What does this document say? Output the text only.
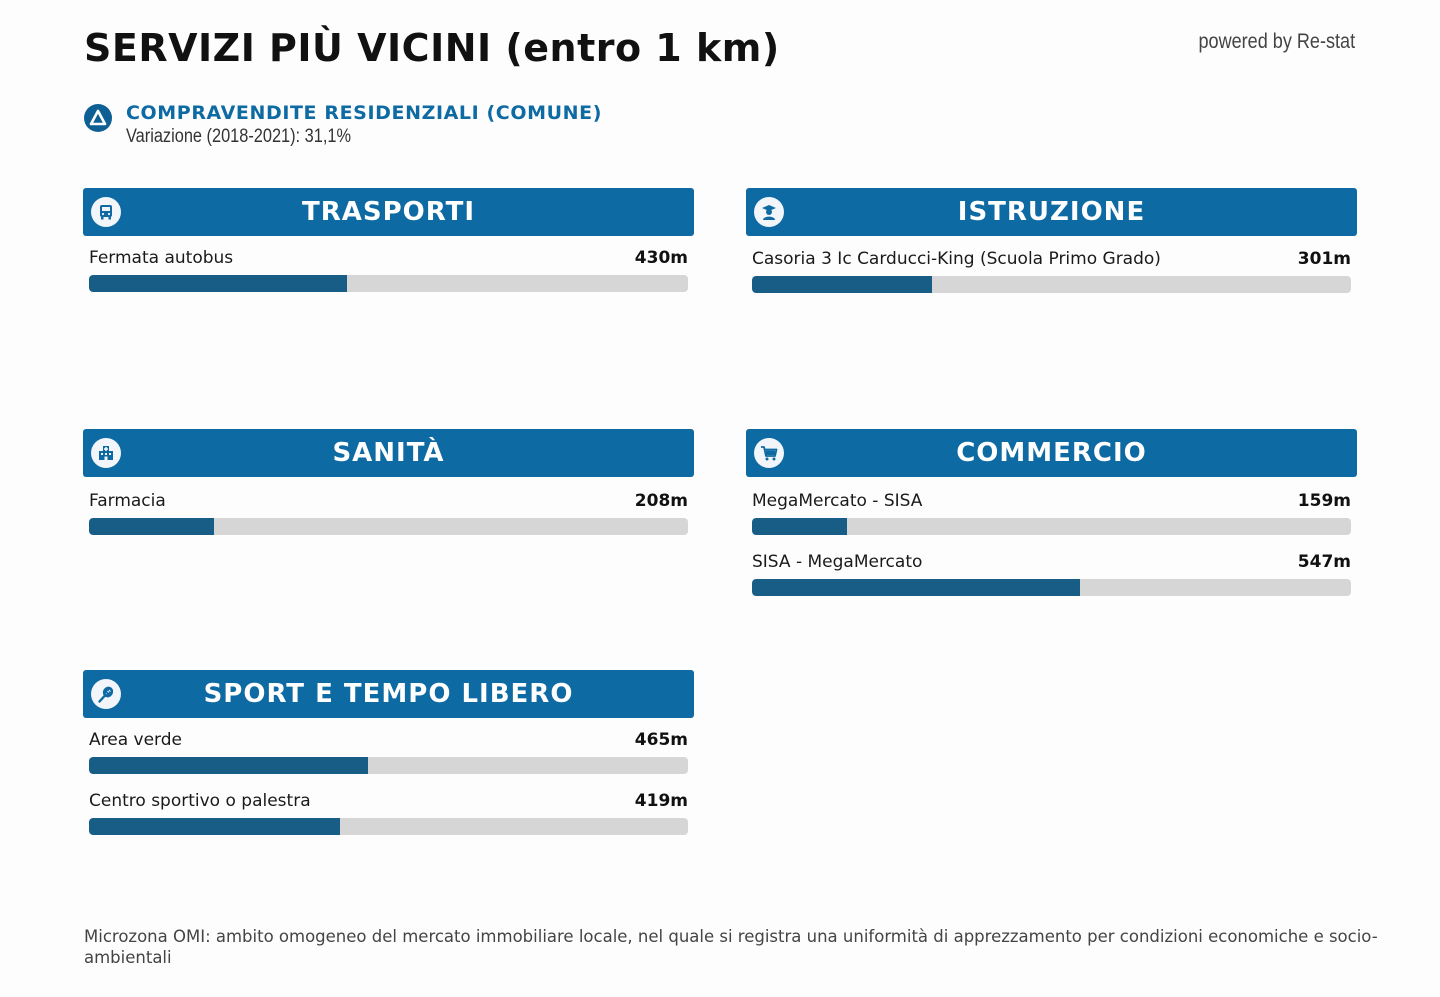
SERVIZI PIÙ VICINI (entro 1 km)	powered by Re-stat
COMPRAVENDITE RESIDENZIALI (COMUNE)
Variazione (2018-2021): 31,1%
TRASPORTI
Fermata autobus	430m
ISTRUZIONE
Casoria 3 Ic Carducci-King (Scuola Primo Grado)	301m
SANITÀ
Farmacia	208m
COMMERCIO
MegaMercato - SISA	159m
SISA - MegaMercato	547m
SPORT E TEMPO LIBERO
Area verde	465m
Centro sportivo o palestra	419m
Microzona OMI: ambito omogeneo del mercato immobiliare locale, nel quale si registra una uniformità di apprezzamento per condizioni economiche e socio-ambientali
